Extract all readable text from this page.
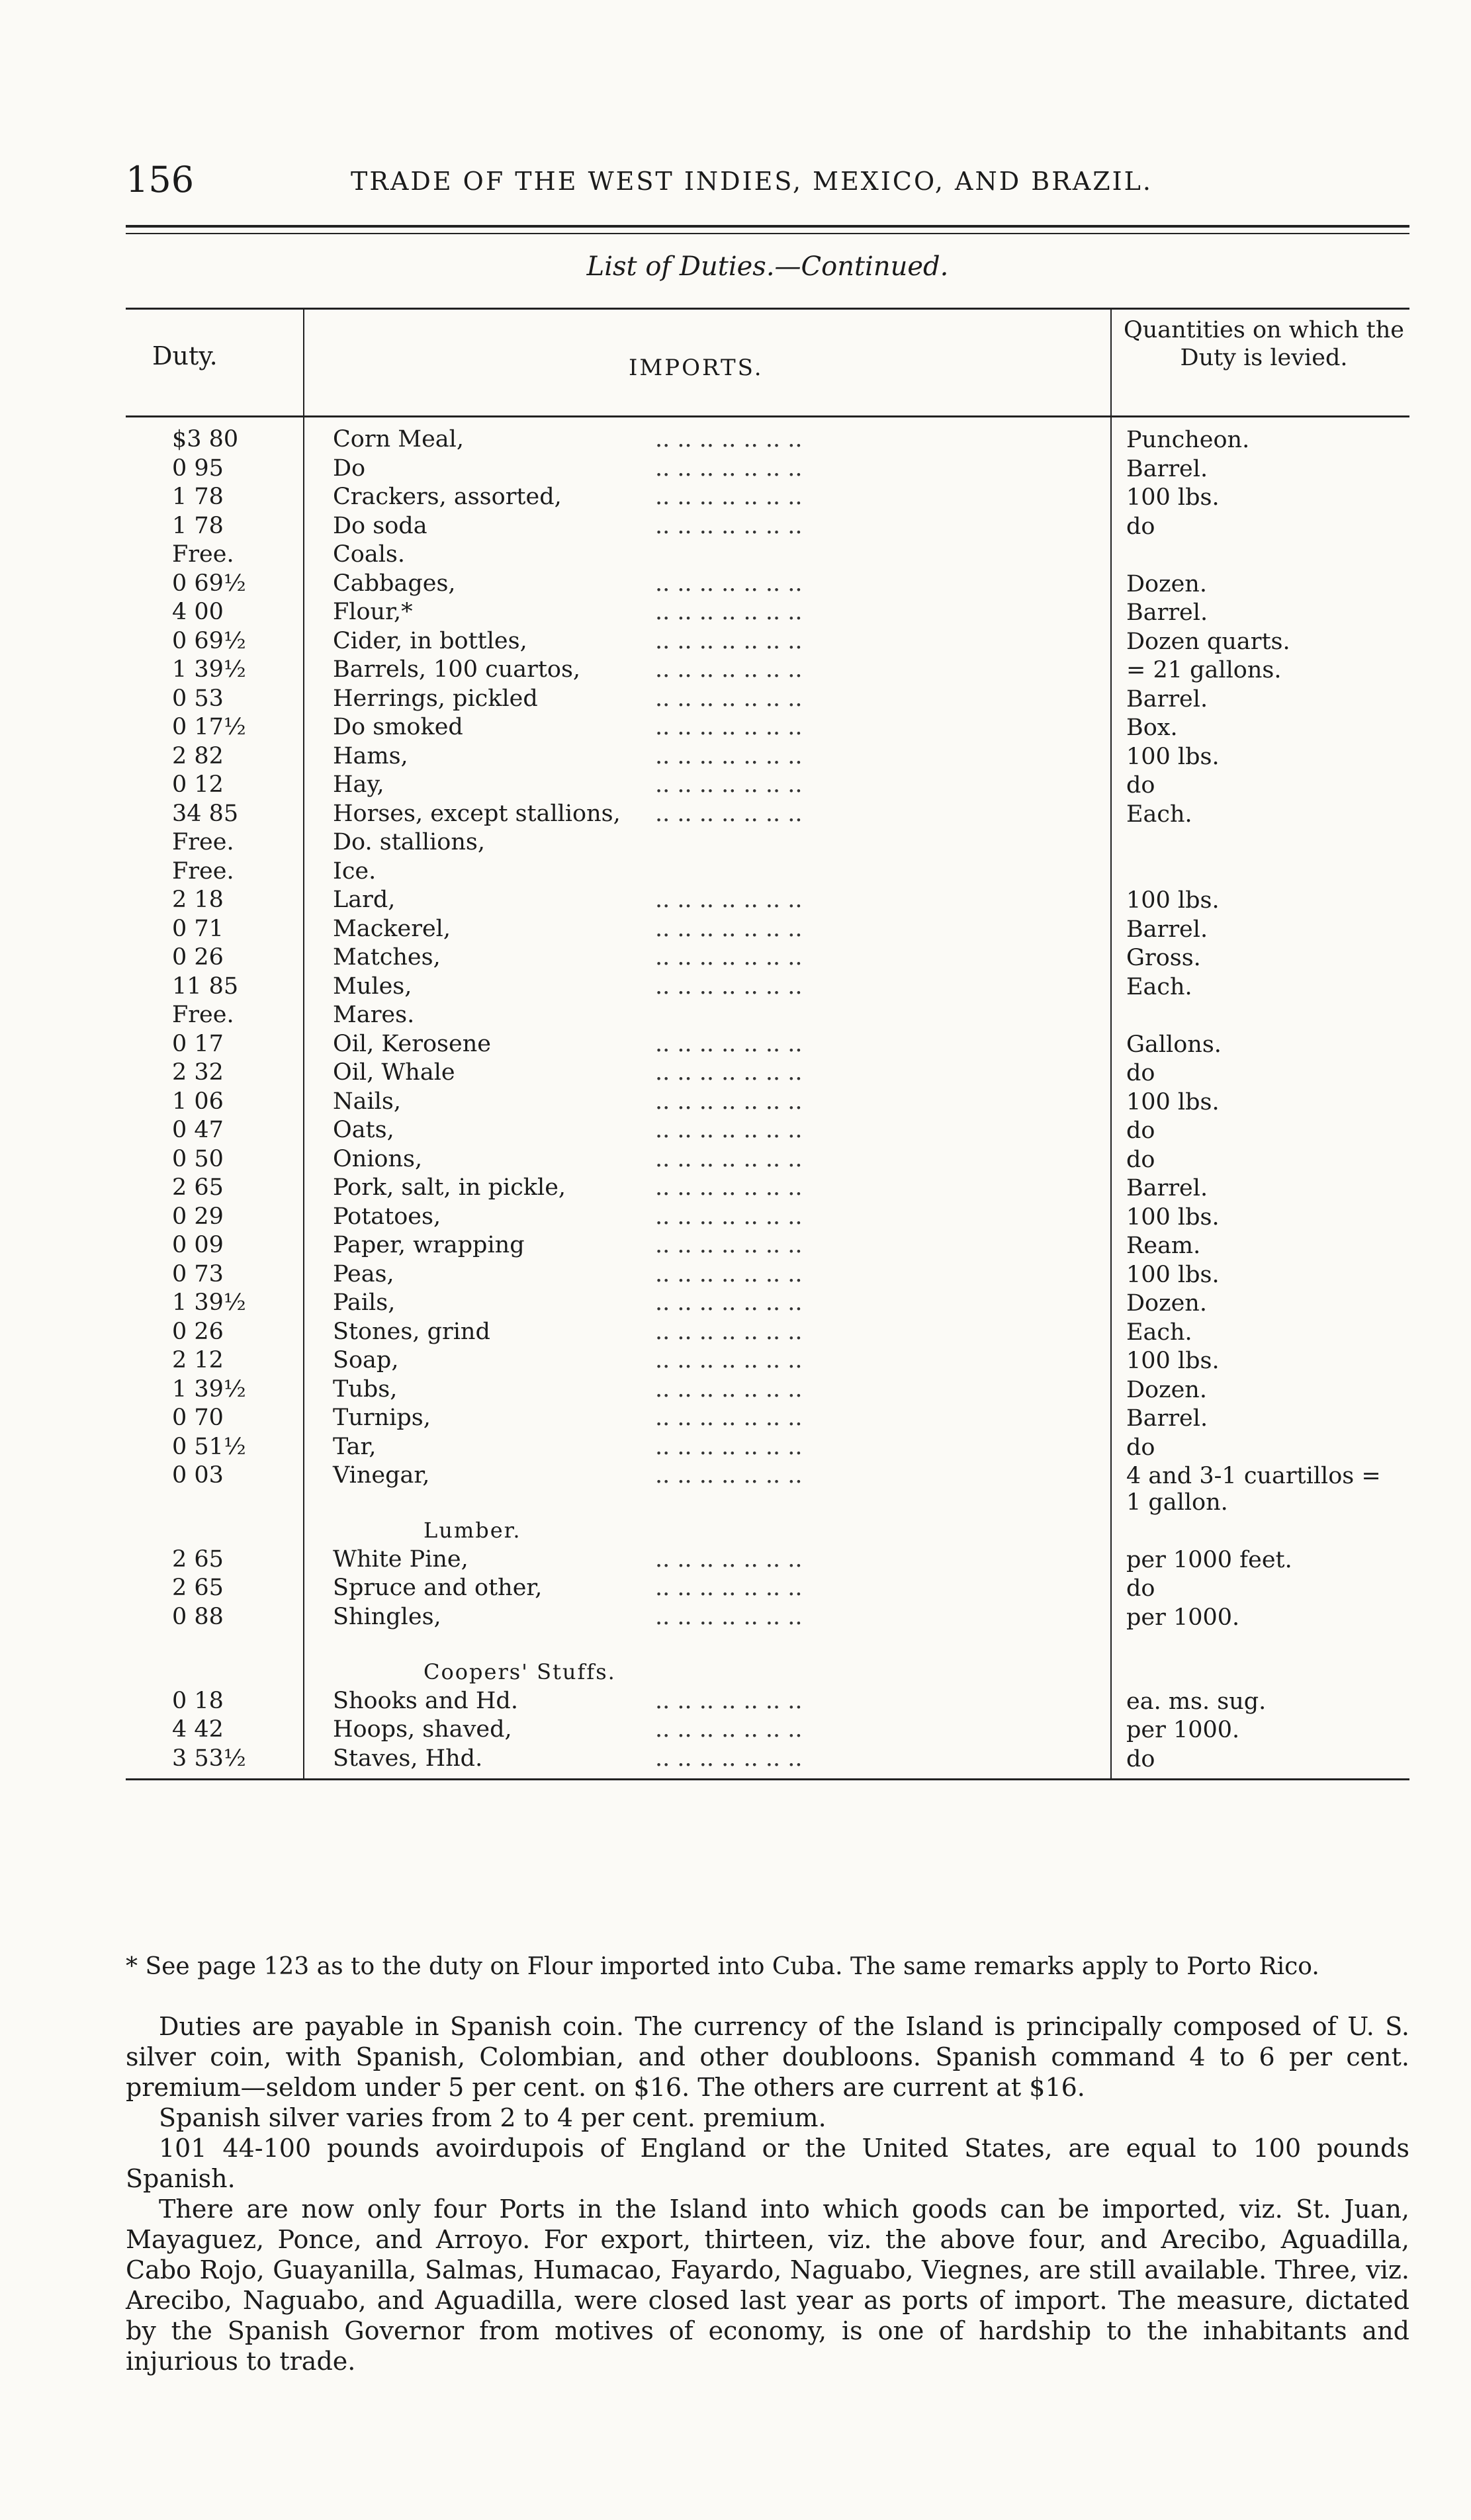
156	TRADE OF THE WEST INDIES, MEXICO, AND BRAZIL.
List of Duties.—Continued.
Duty.	IMPORTS.
Quantities on which the Duty is levied.
$3 80	Corn Meal,	.. .. .. .. .. .. ..	Puncheon.
0 95	Do	.. .. .. .. .. .. ..	Barrel.
1 78	Crackers, assorted,	.. .. .. .. .. .. ..	100 lbs.
1 78	Do soda	.. .. .. .. .. .. ..	do
Free.	Coals.
0 69½	Cabbages,	.. .. .. .. .. .. ..	Dozen.
4 00	Flour,*	.. .. .. .. .. .. ..	Barrel.
0 69½	Cider, in bottles,	.. .. .. .. .. .. ..	Dozen quarts.
1 39½	Barrels, 100 cuartos,	.. .. .. .. .. .. ..	= 21 gallons.
0 53	Herrings, pickled	.. .. .. .. .. .. ..	Barrel.
0 17½	Do smoked	.. .. .. .. .. .. ..	Box.
2 82	Hams,	.. .. .. .. .. .. ..	100 lbs.
0 12	Hay,	.. .. .. .. .. .. ..	do
34 85	Horses, except stallions, .. .. .. .. .. .. ..	Each.
Free.	Do. stallions,
Free.	Ice.
2 18	Lard,	.. .. .. .. .. .. ..	100 lbs.
0 71	Mackerel,	.. .. .. .. .. .. ..	Barrel.
0 26	Matches,	.. .. .. .. .. .. ..	Gross.
11 85	Mules,	.. .. .. .. .. .. ..	Each.
Free.	Mares.
0 17	Oil, Kerosene	.. .. .. .. .. .. ..	Gallons.
2 32	Oil, Whale	.. .. .. .. .. .. ..	do
1 06	Nails,	.. .. .. .. .. .. ..	100 lbs.
0 47	Oats,	.. .. .. .. .. .. ..	do
0 50	Onions,	.. .. .. .. .. .. ..	do
2 65	Pork, salt, in pickle,	.. .. .. .. .. .. ..	Barrel.
0 29	Potatoes,	.. .. .. .. .. .. ..	100 lbs.
0 09	Paper, wrapping	.. .. .. .. .. .. ..	Ream.
0 73	Peas,	.. .. .. .. .. .. ..	100 lbs.
1 39½	Pails,	.. .. .. .. .. .. ..	Dozen.
0 26	Stones, grind	.. .. .. .. .. .. ..	Each.
2 12	Soap,	.. .. .. .. .. .. ..	100 lbs.
1 39½	Tubs,	.. .. .. .. .. .. ..	Dozen.
0 70	Turnips,	.. .. .. .. .. .. ..	Barrel.
0 51½	Tar,	.. .. .. .. .. .. ..	do
0 03	Vinegar,	.. .. .. .. .. .. ..	4 and 3-1 cuartillos = 1 gallon.
Lumber.
2 65	White Pine,	.. .. .. .. .. .. ..	per 1000 feet.
2 65	Spruce and other,	.. .. .. .. .. .. ..	do
0 88	Shingles,	.. .. .. .. .. .. ..	per 1000.
Coopers' Stuffs.
0 18	Shooks and Hd.	.. .. .. .. .. .. ..	ea. ms. sug.
4 42	Hoops, shaved,	.. .. .. .. .. .. ..	per 1000.
3 53½	Staves, Hhd.	.. .. .. .. .. .. ..	do

* See page 123 as to the duty on Flour imported into Cuba. The same remarks apply to Porto Rico.

Duties are payable in Spanish coin. The currency of the Island is principally composed of U. S. silver coin, with Spanish, Colombian, and other doubloons. Spanish command 4 to 6 per cent. premium—seldom under 5 per cent. on $16. The others are current at $16.

Spanish silver varies from 2 to 4 per cent. premium.

101 44-100 pounds avoirdupois of England or the United States, are equal to 100 pounds Spanish.

There are now only four Ports in the Island into which goods can be imported, viz. St. Juan, Mayaguez, Ponce, and Arroyo. For export, thirteen, viz. the above four, and Arecibo, Aguadilla, Cabo Rojo, Guayanilla, Salmas, Humacao, Fayardo, Naguabo, Viegnes, are still available. Three, viz. Arecibo, Naguabo, and Aguadilla, were closed last year as ports of import. The measure, dictated by the Spanish Governor from motives of economy, is one of hardship to the inhabitants and injurious to trade.
